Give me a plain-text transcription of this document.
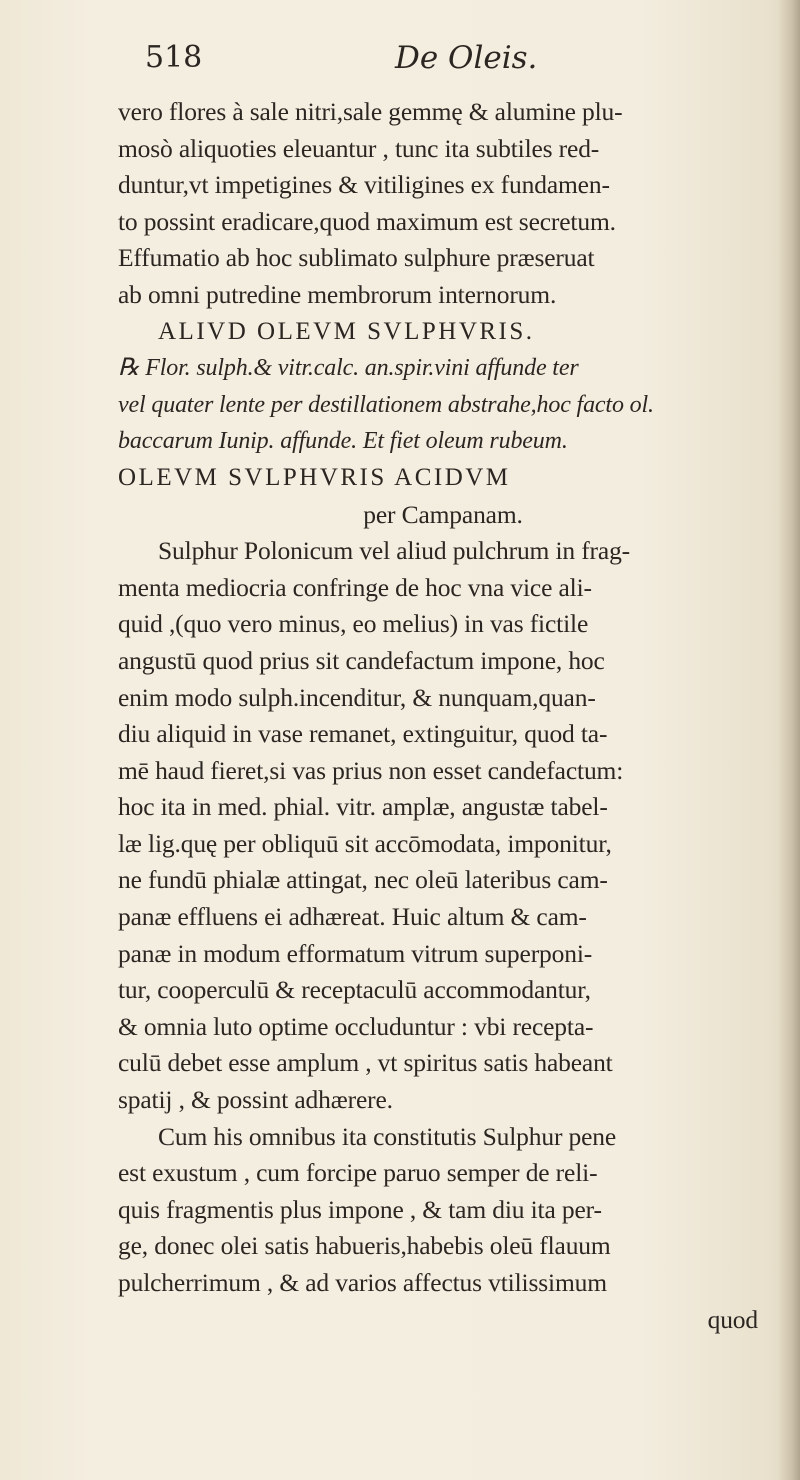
518	De Oleis.
vero flores à sale nitri,sale gemmę & alumine plu-
mosò aliquoties eleuantur , tunc ita subtiles red-
duntur,vt impetigines & vitiligines ex fundamen-
to possint eradicare,quod maximum est secretum.
Effumatio ab hoc sublimato sulphure præseruat
ab omni putredine membrorum internorum.
ALIVD OLEVM SVLPHVRIS.
℞ Flor. sulph.& vitr.calc. an.spir.vini affunde ter
vel quater lente per destillationem abstrahe,hoc facto ol.
baccarum Iunip. affunde. Et fiet oleum rubeum.
OLEVM SVLPHVRIS ACIDVM
per Campanam.
Sulphur Polonicum vel aliud pulchrum in frag-
menta mediocria confringe de hoc vna vice ali-
quid ,(quo vero minus, eo melius) in vas fictile
angustū quod prius sit candefactum impone, hoc
enim modo sulph.incenditur, & nunquam,quan-
diu aliquid in vase remanet, extinguitur, quod ta-
mē haud fieret,si vas prius non esset candefactum:
hoc ita in med. phial. vitr. amplæ, angustæ tabel-
læ lig.quę per obliquū sit accōmodata, imponitur,
ne fundū phialæ attingat, nec oleū lateribus cam-
panæ effluens ei adhæreat. Huic altum & cam-
panæ in modum efformatum vitrum superponi-
tur, cooperculū & receptaculū accommodantur,
& omnia luto optime occluduntur : vbi recepta-
culū debet esse amplum , vt spiritus satis habeant
spatij , & possint adhærere.
Cum his omnibus ita constitutis Sulphur pene
est exustum , cum forcipe paruo semper de reli-
quis fragmentis plus impone , & tam diu ita per-
ge, donec olei satis habueris,habebis oleū flauum
pulcherrimum , & ad varios affectus vtilissimum
quod
